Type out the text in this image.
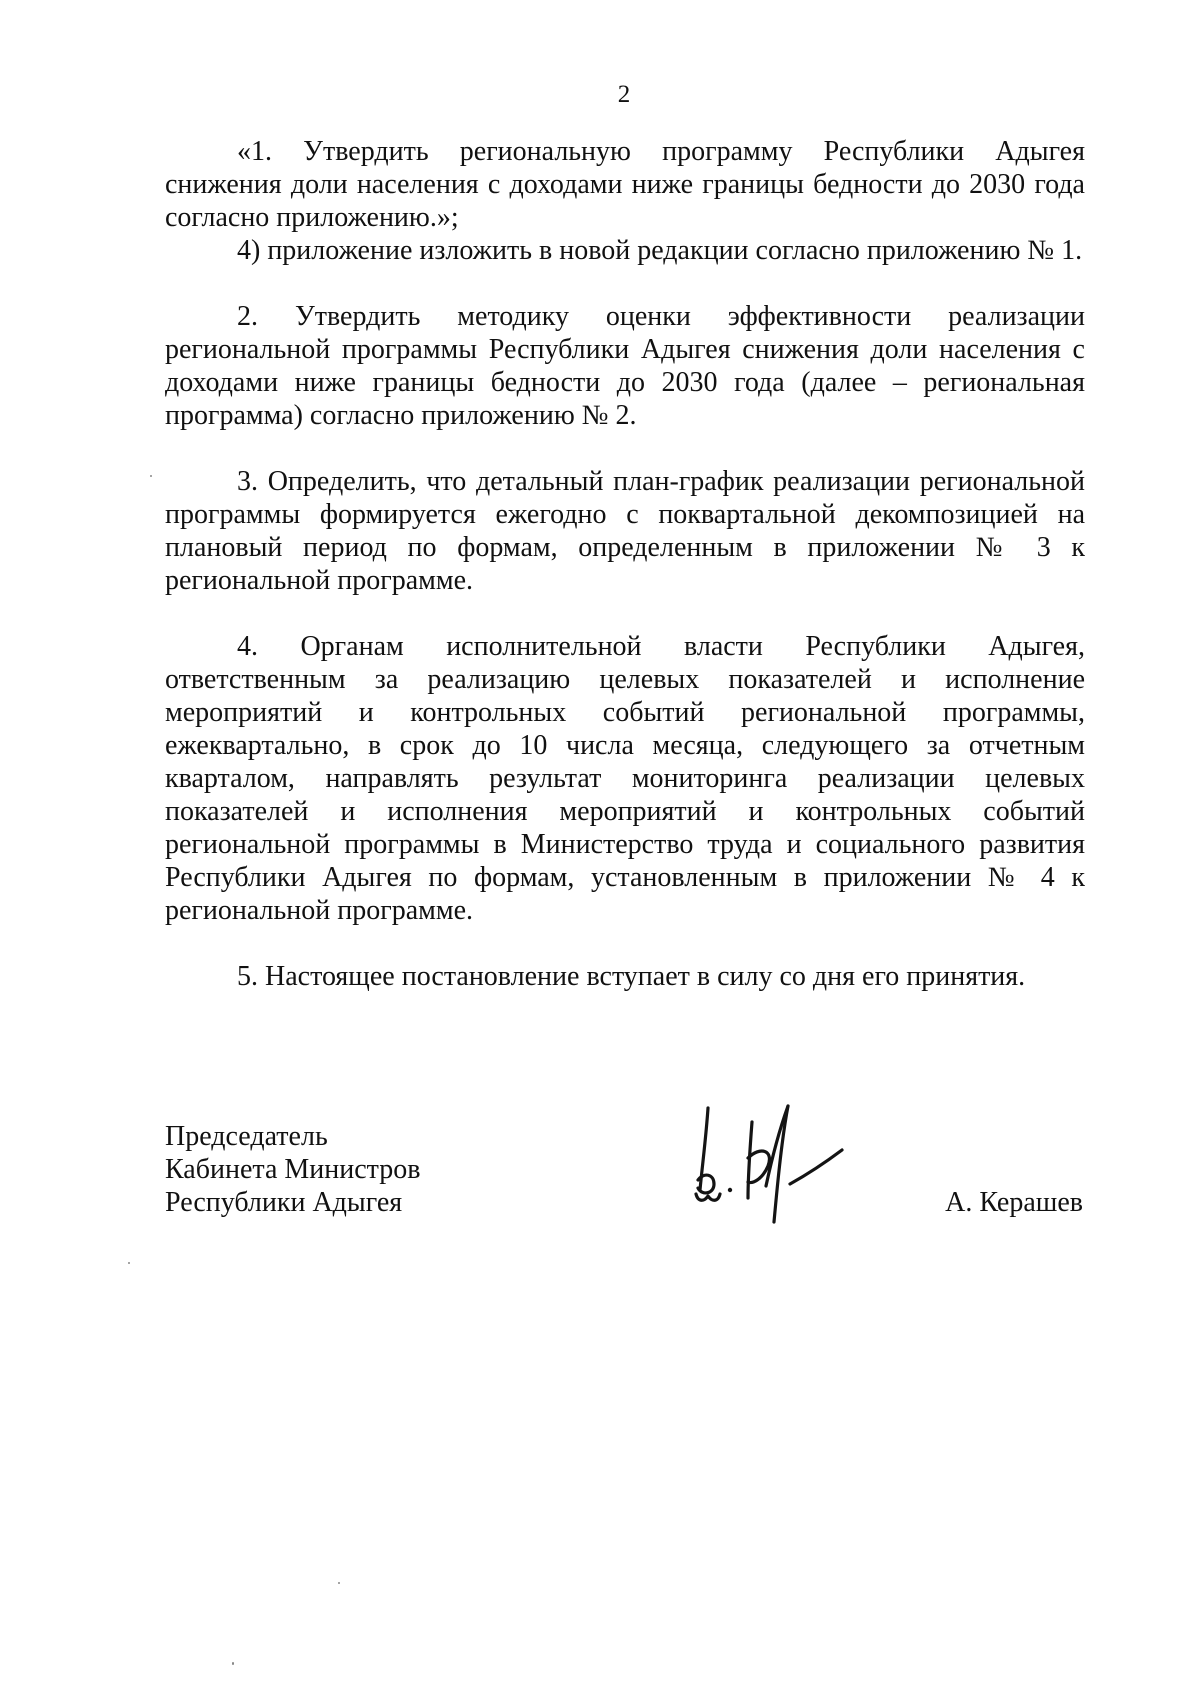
2

«1. Утвердить региональную программу Республики Адыгея снижения доли населения с доходами ниже границы бедности до 2030 года согласно приложению.»;

4) приложение изложить в новой редакции согласно приложению № 1.

2. Утвердить методику оценки эффективности реализации региональной программы Республики Адыгея снижения доли населения с доходами ниже границы бедности до 2030 года (далее – региональная программа) согласно приложению № 2.

3. Определить, что детальный план-график реализации региональной программы формируется ежегодно с поквартальной декомпозицией на плановый период по формам, определенным в приложении № 3 к региональной программе.

4. Органам исполнительной власти Республики Адыгея, ответственным за реализацию целевых показателей и исполнение мероприятий и контрольных событий региональной программы, ежеквартально, в срок до 10 числа месяца, следующего за отчетным кварталом, направлять результат мониторинга реализации целевых показателей и исполнения мероприятий и контрольных событий региональной программы в Министерство труда и социального развития Республики Адыгея по формам, установленным в приложении № 4 к региональной программе.

5. Настоящее постановление вступает в силу со дня его принятия.

Председатель
Кабинета Министров
Республики Адыгея	А. Керашев
